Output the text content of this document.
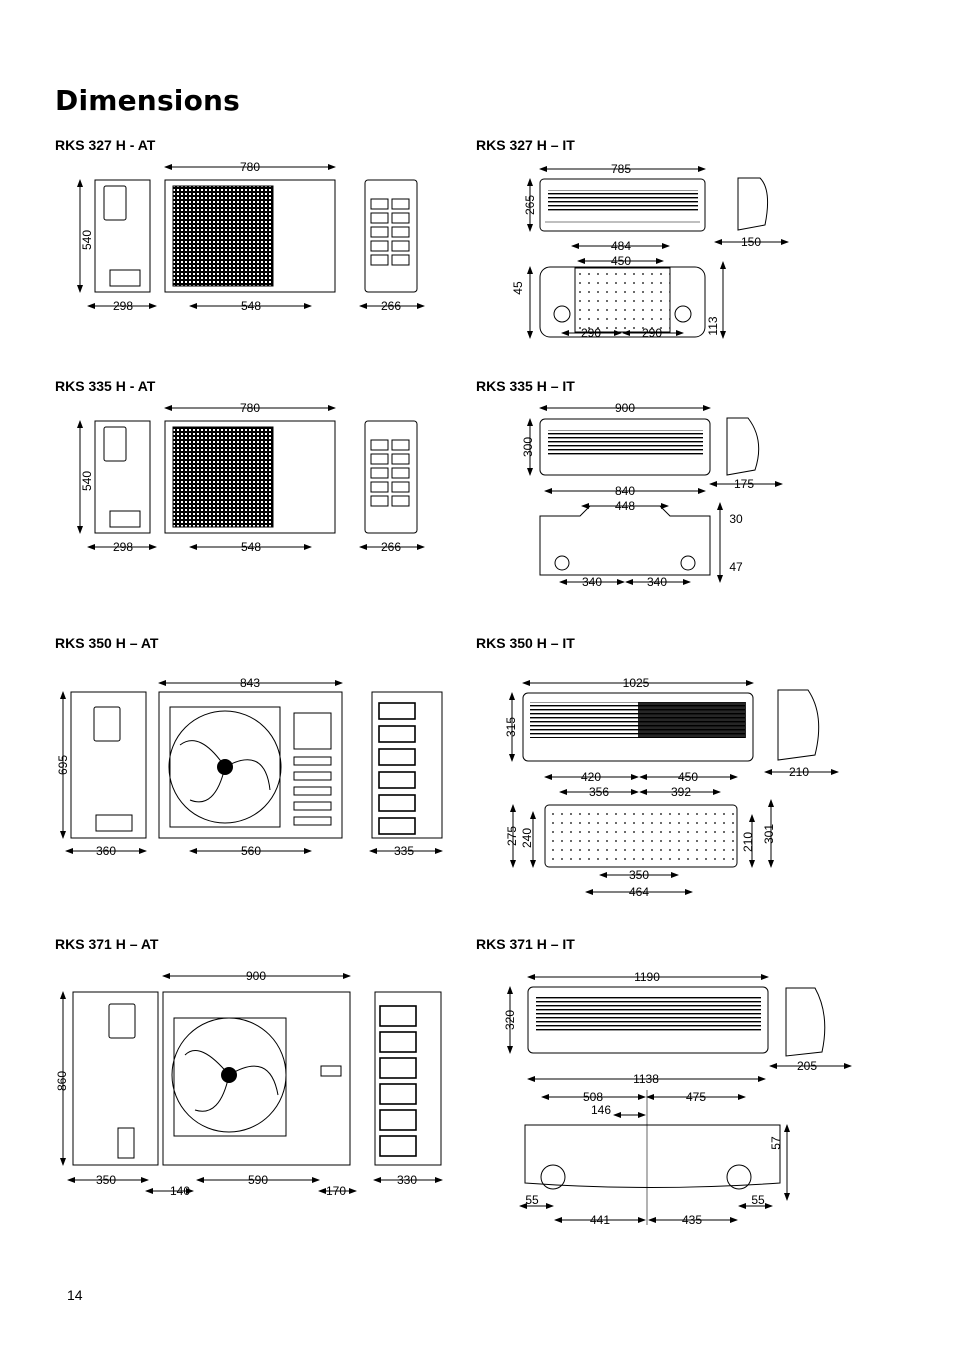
Dimensions
RKS 327 H - AT	RKS 327 H – IT
RKS 335 H - AT	RKS 335 H – IT
RKS 350 H – AT	RKS 350 H – IT
RKS 371 H – AT	RKS 371 H – IT
540
298
780
548	266
785
265
150
484
450
45
113
290	290
540
298
780
548	266
900
300
175
840
448
30
47
340	340
695
843
360	560	335
1025
315
210
420	450
356	392
275 240	210 301
350
464
860
900
350
140
590
170
330
1190
320
205
1138
508	475
146
57
55	55
441	435
14
